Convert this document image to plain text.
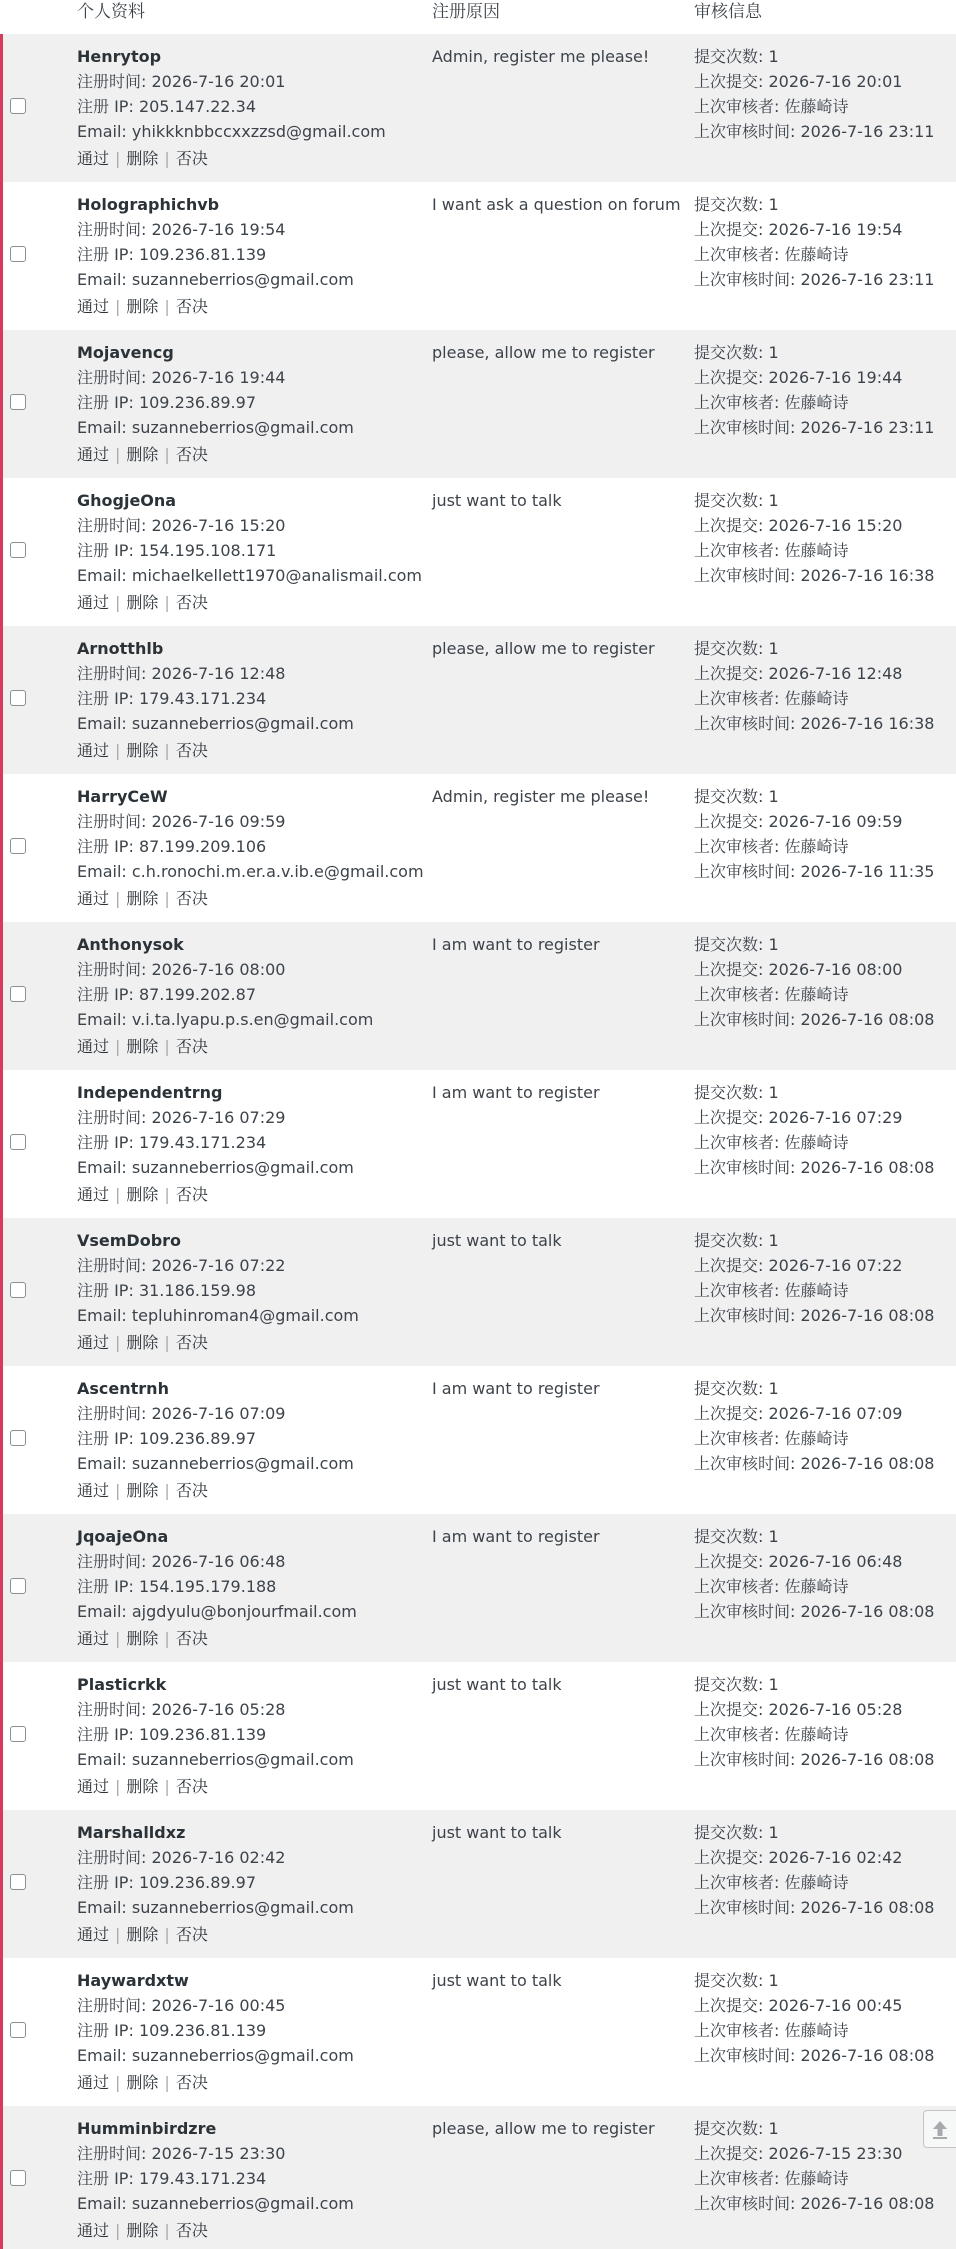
个人资料	注册原因	审核信息
Henrytop
注册时间: 2026-7-16 20:01
注册 IP: 205.147.22.34
Email: yhikkknbbccxxzzsd@gmail.com
通过 | 删除 | 否决
Admin, register me please!	提交次数: 1
上次提交: 2026-7-16 20:01
上次审核者: 佐藤崎诗
上次审核时间: 2026-7-16 23:11
Holographichvb
注册时间: 2026-7-16 19:54
注册 IP: 109.236.81.139
Email: suzanneberrios@gmail.com
通过 | 删除 | 否决
I want ask a question on forum 提交次数: 1
上次提交: 2026-7-16 19:54
上次审核者: 佐藤崎诗
上次审核时间: 2026-7-16 23:11
Mojavencg
注册时间: 2026-7-16 19:44
注册 IP: 109.236.89.97
Email: suzanneberrios@gmail.com
通过 | 删除 | 否决
please, allow me to register	提交次数: 1
上次提交: 2026-7-16 19:44
上次审核者: 佐藤崎诗
上次审核时间: 2026-7-16 23:11
GhogjeOna
注册时间: 2026-7-16 15:20
注册 IP: 154.195.108.171
Email: michaelkellett1970@analismail.com
通过 | 删除 | 否决
just want to talk	提交次数: 1
上次提交: 2026-7-16 15:20
上次审核者: 佐藤崎诗
上次审核时间: 2026-7-16 16:38
Arnotthlb
注册时间: 2026-7-16 12:48
注册 IP: 179.43.171.234
Email: suzanneberrios@gmail.com
通过 | 删除 | 否决
please, allow me to register	提交次数: 1
上次提交: 2026-7-16 12:48
上次审核者: 佐藤崎诗
上次审核时间: 2026-7-16 16:38
HarryCeW
注册时间: 2026-7-16 09:59
注册 IP: 87.199.209.106
Email: c.h.ronochi.m.er.a.v.ib.e@gmail.com
通过 | 删除 | 否决
Admin, register me please!	提交次数: 1
上次提交: 2026-7-16 09:59
上次审核者: 佐藤崎诗
上次审核时间: 2026-7-16 11:35
Anthonysok
注册时间: 2026-7-16 08:00
注册 IP: 87.199.202.87
Email: v.i.ta.lyapu.p.s.en@gmail.com
通过 | 删除 | 否决
I am want to register	提交次数: 1
上次提交: 2026-7-16 08:00
上次审核者: 佐藤崎诗
上次审核时间: 2026-7-16 08:08
Independentrng
注册时间: 2026-7-16 07:29
注册 IP: 179.43.171.234
Email: suzanneberrios@gmail.com
通过 | 删除 | 否决
I am want to register	提交次数: 1
上次提交: 2026-7-16 07:29
上次审核者: 佐藤崎诗
上次审核时间: 2026-7-16 08:08
VsemDobro
注册时间: 2026-7-16 07:22
注册 IP: 31.186.159.98
Email: tepluhinroman4@gmail.com
通过 | 删除 | 否决
just want to talk	提交次数: 1
上次提交: 2026-7-16 07:22
上次审核者: 佐藤崎诗
上次审核时间: 2026-7-16 08:08
Ascentrnh
注册时间: 2026-7-16 07:09
注册 IP: 109.236.89.97
Email: suzanneberrios@gmail.com
通过 | 删除 | 否决
I am want to register	提交次数: 1
上次提交: 2026-7-16 07:09
上次审核者: 佐藤崎诗
上次审核时间: 2026-7-16 08:08
JqoajeOna
注册时间: 2026-7-16 06:48
注册 IP: 154.195.179.188
Email: ajgdyulu@bonjourfmail.com
通过 | 删除 | 否决
I am want to register	提交次数: 1
上次提交: 2026-7-16 06:48
上次审核者: 佐藤崎诗
上次审核时间: 2026-7-16 08:08
Plasticrkk
注册时间: 2026-7-16 05:28
注册 IP: 109.236.81.139
Email: suzanneberrios@gmail.com
通过 | 删除 | 否决
just want to talk	提交次数: 1
上次提交: 2026-7-16 05:28
上次审核者: 佐藤崎诗
上次审核时间: 2026-7-16 08:08
Marshalldxz
注册时间: 2026-7-16 02:42
注册 IP: 109.236.89.97
Email: suzanneberrios@gmail.com
通过 | 删除 | 否决
just want to talk	提交次数: 1
上次提交: 2026-7-16 02:42
上次审核者: 佐藤崎诗
上次审核时间: 2026-7-16 08:08
Haywardxtw
注册时间: 2026-7-16 00:45
注册 IP: 109.236.81.139
Email: suzanneberrios@gmail.com
通过 | 删除 | 否决
just want to talk	提交次数: 1
上次提交: 2026-7-16 00:45
上次审核者: 佐藤崎诗
上次审核时间: 2026-7-16 08:08
Humminbirdzre
注册时间: 2026-7-15 23:30
注册 IP: 179.43.171.234
Email: suzanneberrios@gmail.com
通过 | 删除 | 否决
please, allow me to register	提交次数: 1
上次提交: 2026-7-15 23:30
上次审核者: 佐藤崎诗
上次审核时间: 2026-7-16 08:08
